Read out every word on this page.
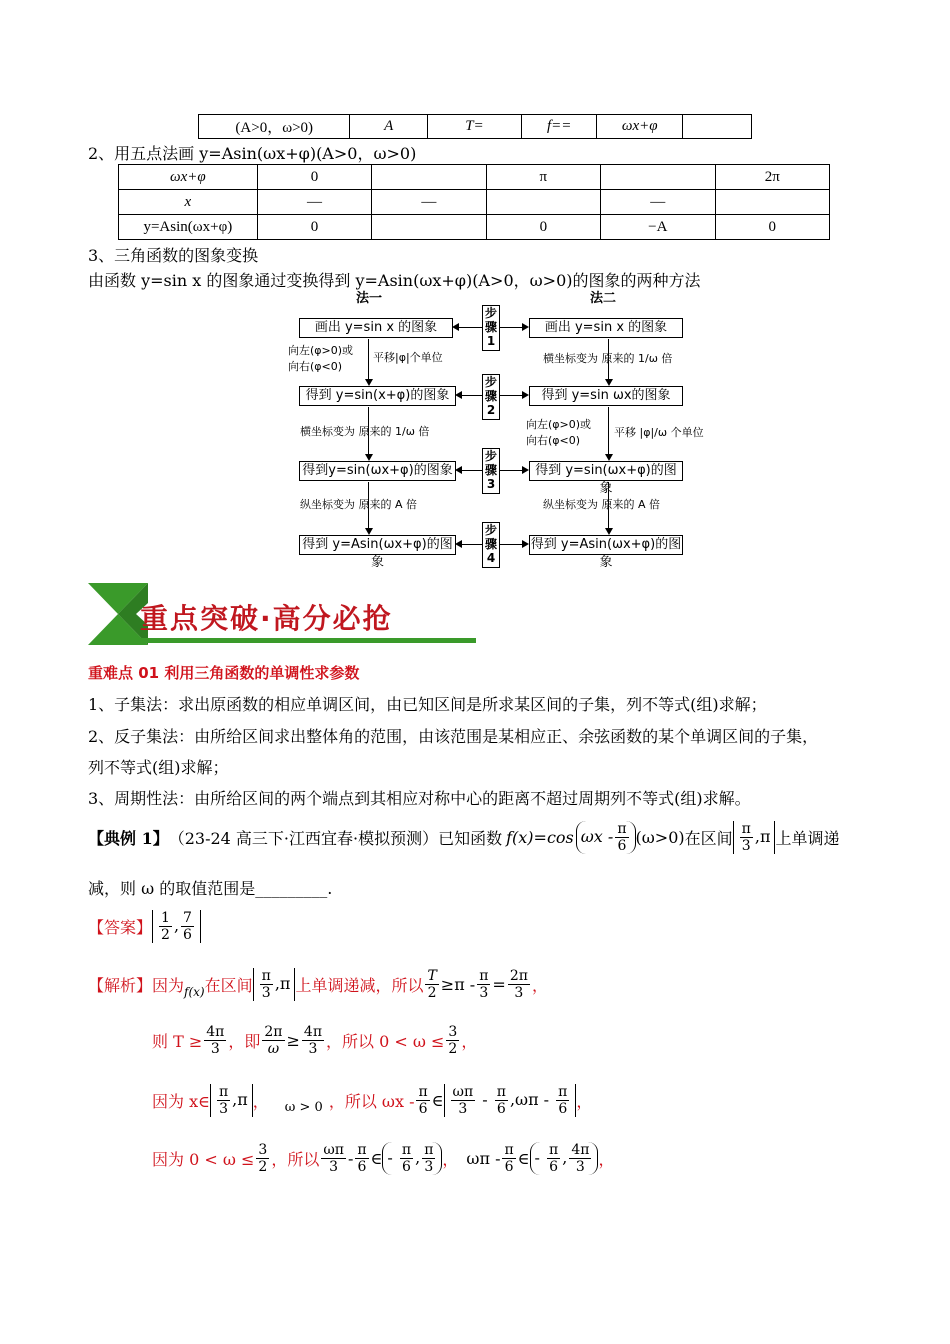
(A>0，ω>0)	A	T=	f==	ωx+φ	
2、用五点法画 y=Asin(ωx+φ)(A>0，ω>0)
ωx+φ	0		π		2π
x	—	—		—	
y=Asin(ωx+φ)	0		0	−A	0
3、三角函数的图象变换
由函数 y=sin x 的图象通过变换得到 y=Asin(ωx+φ)(A>0，ω>0)的图象的两种方法
法一	法二
画出 y=sin x 的图象
得到 y=sin(x+φ)的图象
得到y=sin(ωx+φ)的图象
得到 y=Asin(ωx+φ)的图象
画出 y=sin x 的图象
得到 y=sin ωx的图象
得到 y=sin(ωx+φ)的图象
得到 y=Asin(ωx+φ)的图象
步
骤
1
步
骤
2
步
骤
3
步
骤
4
向左(φ>0)或
向右(φ<0)
平移|φ|个单位
横坐标变为 原来的 1/ω 倍
纵坐标变为 原来的 A 倍
横坐标变为 原来的 1/ω 倍
向左(φ>0)或
向右(φ<0)
平移 |φ|/ω 个单位
纵坐标变为 原来的 A 倍
重点突破·高分必抢
重难点 01 利用三角函数的单调性求参数
1、子集法：求出原函数的相应单调区间，由已知区间是所求某区间的子集，列不等式(组)求解；
2、反子集法：由所给区间求出整体角的范围，由该范围是某相应正、余弦函数的某个单调区间的子集，
列不等式(组)求解；
3、周期性法：由所给区间的两个端点到其相应对称中心的距离不超过周期列不等式(组)求解。
【典例 1】 （23-24 高三下·江西宜春·模拟预测）已知函数 f(x)=cos $\omega x - \frac{\pi}{6} (\omega>0)$ 在区间 $\frac{\pi}{3} ,\pi$ 上单调递
减，则 ω 的取值范围是_________.
【答案】 $\frac{1}{2}$ , $\frac{7}{6}$
【解析】 因为 f(x) 在区间 $\frac{\pi}{3} ,\pi$ 上单调递减，所以 $\frac{T}{2} \ge\pi - \frac{\pi}{3} = \frac{2\pi}{3}$ ，
则 $T \ge \frac{4\pi}{3}$ ，即 $\frac{2\pi}{\omega} \ge \frac{4\pi}{3}$ ，所以 $0 < \omega \le \frac{3}{2}$ ，
因为 x∈ $\frac{\pi}{3} ,\pi$ ， ω > 0 ，所以 ωx - $\frac{\pi}{6}$ ∈ $\frac{\omega\pi}{3} - \frac{\pi}{6} ,\omega\pi - \frac{\pi}{6}$ ，
因为 $0 < \omega \le \frac{3}{2}$ ，所以 $\frac{\omega\pi}{3} - \frac{\pi}{6}$ ∈ - $\frac{\pi}{6}$ , $\frac{\pi}{3}$ ， ωπ - $\frac{\pi}{6}$ ∈ - $\frac{\pi}{6}$ , $\frac{4\pi}{3}$ ，
